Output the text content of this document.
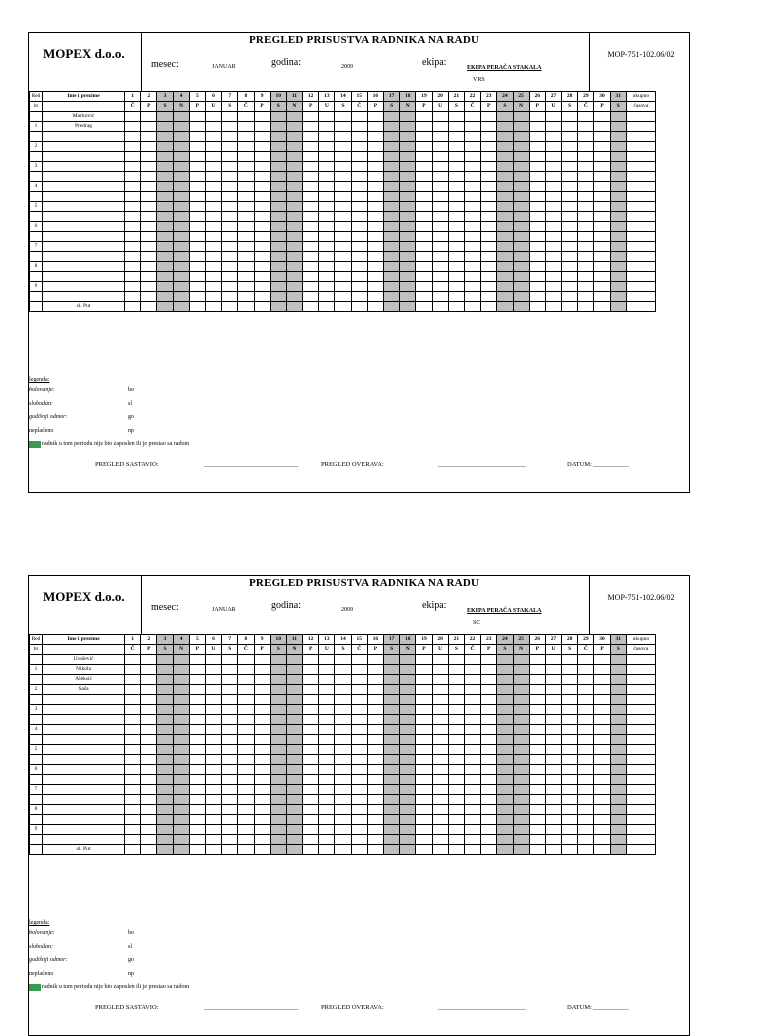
MOPEX d.o.o.
PREGLED PRISUSTVA RADNIKA NA RADU
MOP-751-102.06/02
mesec:	JANUAR	godina:	2009	ekipa:	EKIPA PERAČA STAKALA
VRS
Red	Ime i prezime	1	2	3	4	5	6	7	8	9	10	11	12	13	14	15	16	17	18	19	20	21	22	23	24	25	26	27	28	29	30	31	ukupno
br		Č	P	S	N	P	U	S	Č	P	S	N	P	U	S	Č	P	S	N	P	U	S	Č	P	S	N	P	U	S	Č	P	S	časova
	Marković																																
1	Predrag																																

2																																	

3																																	

4																																	

5																																	

6																																	

7																																	

8																																	

9																																	

	sl. Put																																
legenda:
bolovanje:	bo
slobodan:	sl
godišnji odmor:	go
neplaćeno	np
radnik u tom periodu nije bio zaposlen ili je prestao sa radom
PREGLED SASTAVIO:	_____________________________	PREGLED OVERAVA:	___________________________	DATUM: ___________
MOPEX d.o.o.
PREGLED PRISUSTVA RADNIKA NA RADU
MOP-751-102.06/02
mesec:	JANUAR	godina:	2009	ekipa:	EKIPA PERAČA STAKALA
SC
Red	Ime i prezime	1	2	3	4	5	6	7	8	9	10	11	12	13	14	15	16	17	18	19	20	21	22	23	24	25	26	27	28	29	30	31	ukupno
br		Č	P	S	N	P	U	S	Č	P	S	N	P	U	S	Č	P	S	N	P	U	S	Č	P	S	N	P	U	S	Č	P	S	časova
	Urošević																																
1	Nikola																																
	Aleksić																																
2	Saša																																

3																																	

4																																	

5																																	

6																																	

7																																	

8																																	

9																																	

	sl. Put																																
legenda:
bolovanje:	bo
slobodan:	sl
godišnji odmor:	go
neplaćeno	np
radnik u tom periodu nije bio zaposlen ili je prestao sa radom
PREGLED SASTAVIO:	_____________________________	PREGLED OVERAVA:	___________________________	DATUM: ___________
